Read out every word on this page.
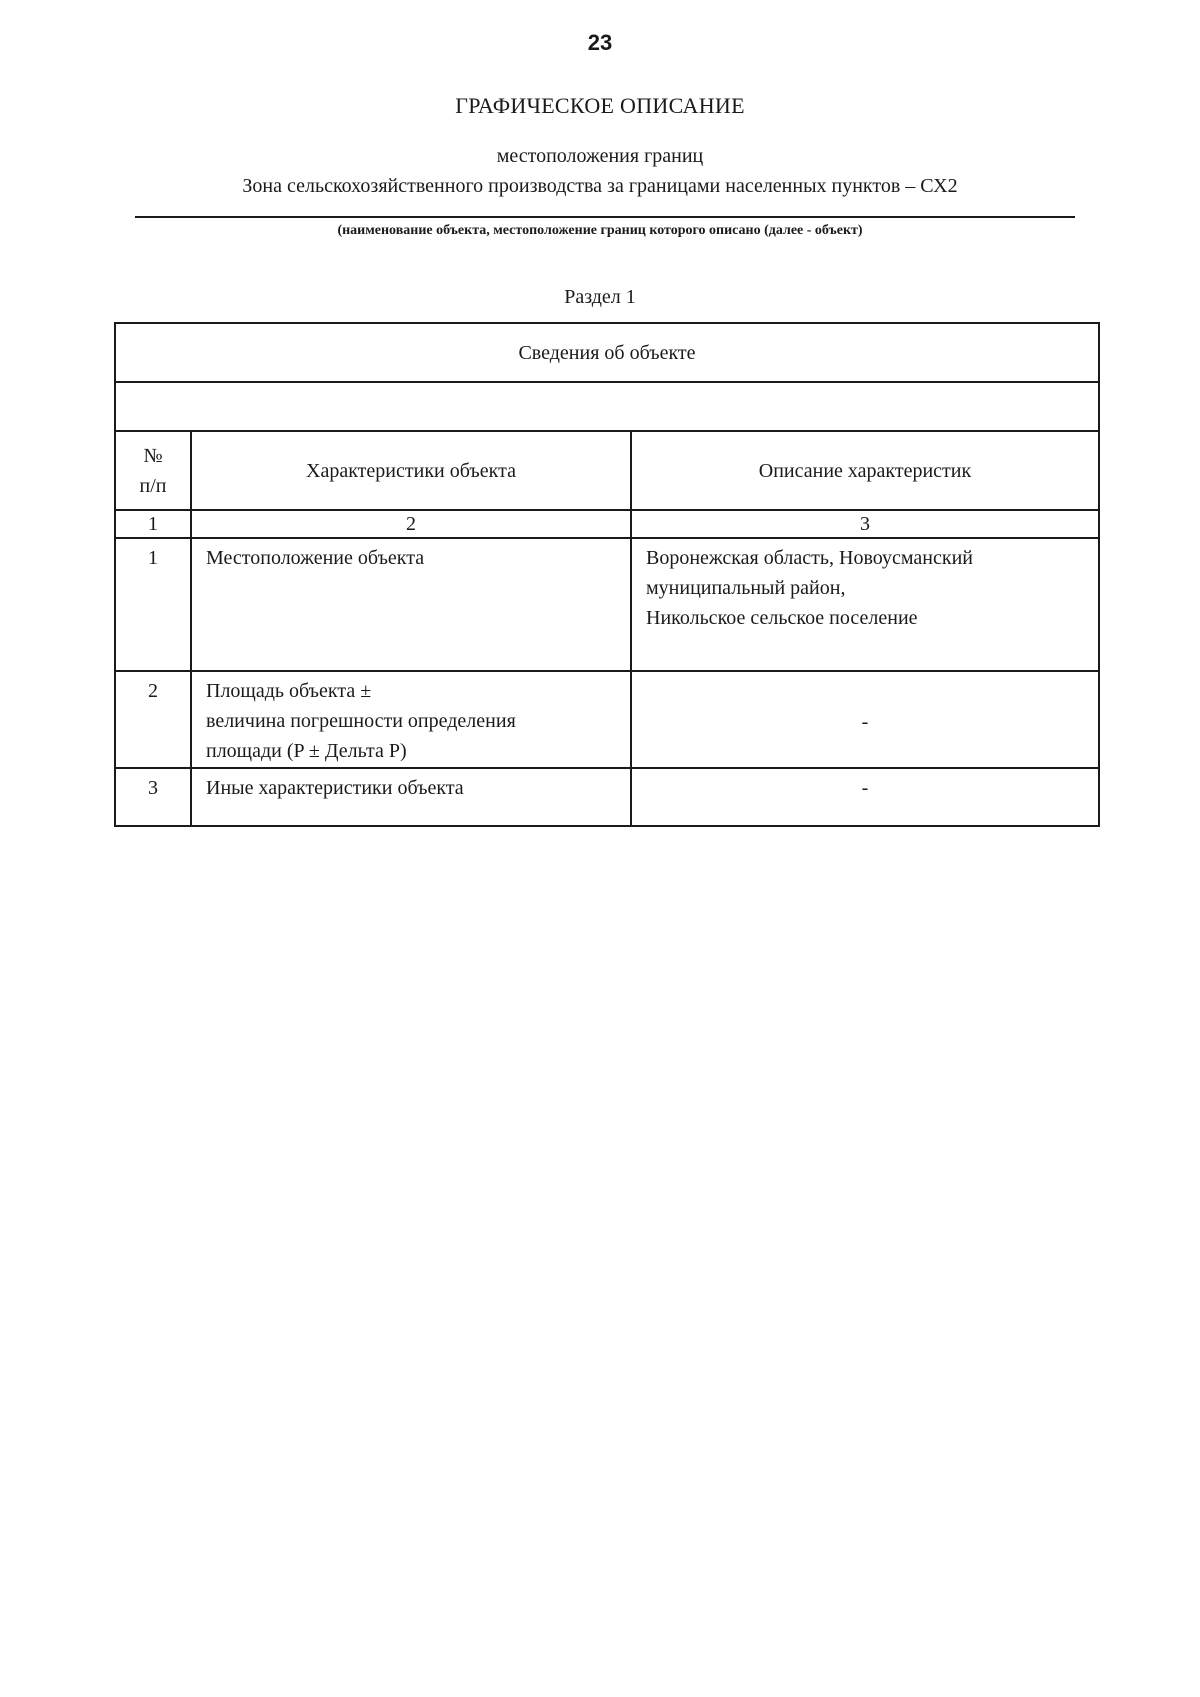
23
ГРАФИЧЕСКОЕ ОПИСАНИЕ
местоположения границ
Зона сельскохозяйственного производства за границами населенных пунктов – СХ2
(наименование объекта, местоположение границ которого описано (далее - объект)
Раздел 1
Сведения об объекте		

№
п/п	Характеристики объекта	Описание характеристик
1	2	3
1	Местоположение объекта	Воронежская область, Новоусманский
муниципальный район,
Никольское сельское поселение

2	Площадь объекта ±
величина погрешности определения
площади (P ± Дельта P)	-
3	Иные характеристики объекта	-
